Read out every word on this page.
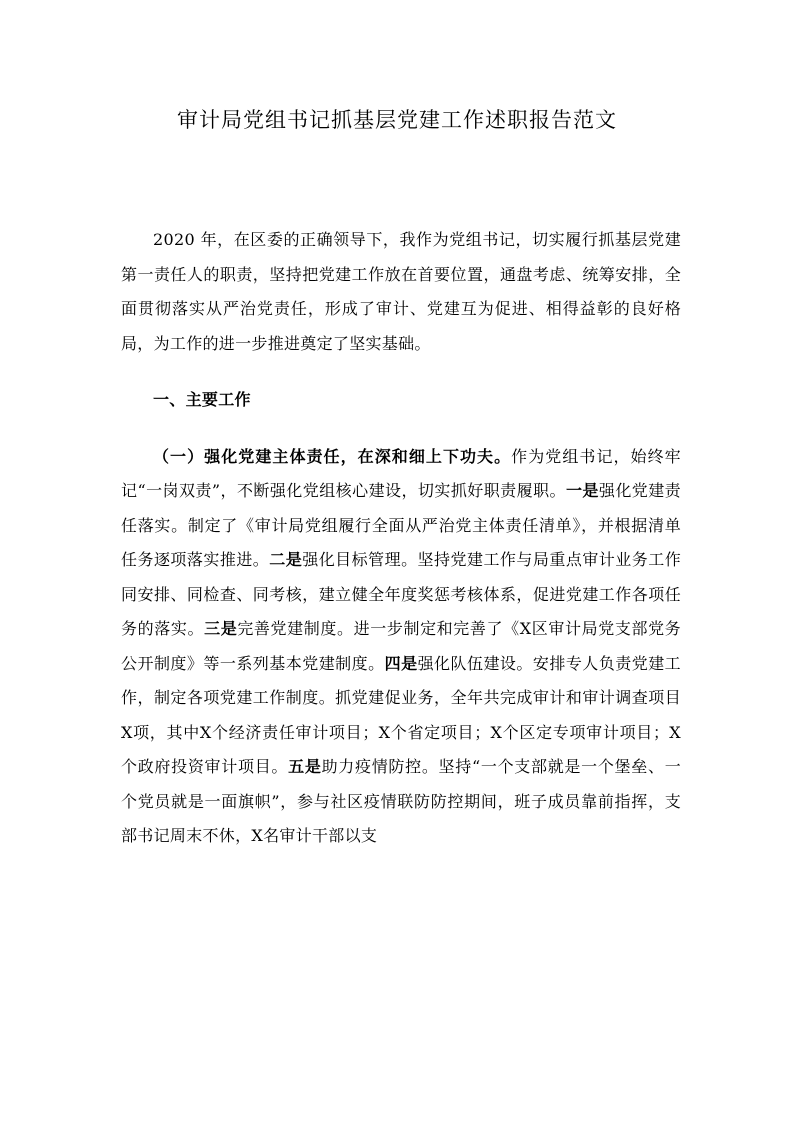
审计局党组书记抓基层党建工作述职报告范文

2020 年，在区委的正确领导下，我作为党组书记，切实履行抓基层党建第一责任人的职责，坚持把党建工作放在首要位置，通盘考虑、统筹安排，全面贯彻落实从严治党责任，形成了审计、党建互为促进、相得益彰的良好格局，为工作的进一步推进奠定了坚实基础。

一、主要工作

（一）强化党建主体责任，在深和细上下功夫。作为党组书记，始终牢记“一岗双责”，不断强化党组核心建设，切实抓好职责履职。一是强化党建责任落实。制定了《审计局党组履行全面从严治党主体责任清单》，并根据清单任务逐项落实推进。二是强化目标管理。坚持党建工作与局重点审计业务工作同安排、同检查、同考核，建立健全年度奖惩考核体系，促进党建工作各项任务的落实。三是完善党建制度。进一步制定和完善了《X区审计局党支部党务公开制度》等一系列基本党建制度。四是强化队伍建设。安排专人负责党建工作，制定各项党建工作制度。抓党建促业务，全年共完成审计和审计调查项目X项，其中X个经济责任审计项目；X个省定项目；X个区定专项审计项目；X个政府投资审计项目。五是助力疫情防控。坚持“一个支部就是一个堡垒、一个党员就是一面旗帜”，参与社区疫情联防防控期间，班子成员靠前指挥，支部书记周末不休，X名审计干部以支
